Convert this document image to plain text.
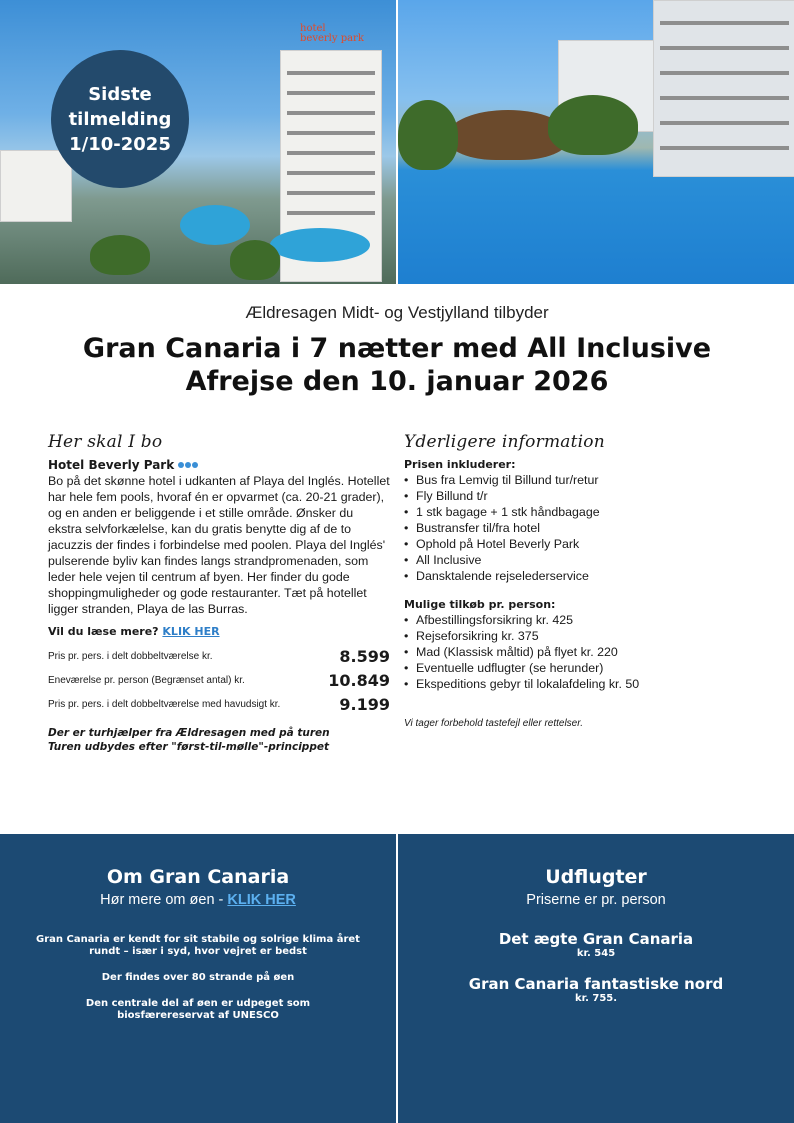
hotel
beverly park
Sidste
tilmelding
1/10-2025
Ældresagen Midt- og Vestjylland tilbyder
Gran Canaria i 7 nætter med All Inclusive
Afrejse den 10. januar 2026
Her skal I bo
Hotel Beverly Park

Bo på det skønne hotel i udkanten af Playa del Inglés. Hotellet har hele fem pools, hvoraf én er opvarmet (ca. 20-21 grader), og en anden er beliggende i et stille område. Ønsker du ekstra selvforkælelse, kan du gratis benytte dig af de to jacuzzis der findes i forbindelse med poolen. Playa del Inglés' pulserende byliv kan findes langs strandpromenaden, som leder hele vejen til centrum af byen. Her finder du gode shoppingmuligheder og gode restauranter. Tæt på hotellet ligger stranden, Playa de las Burras.

Vil du læse mere? KLIK HER
Pris pr. pers. i delt dobbeltværelse kr.	8.599
Eneværelse pr. person (Begrænset antal) kr.	10.849
Pris pr. pers. i delt dobbeltværelse med havudsigt kr.	9.199
Der er turhjælper fra Ældresagen med på turen
Turen udbydes efter "først-til-mølle"-princippet
Yderligere information
Prisen inkluderer:
• Bus fra Lemvig til Billund tur/retur
• Fly Billund t/r
• 1 stk bagage + 1 stk håndbagage
• Bustransfer til/fra hotel
• Ophold på Hotel Beverly Park
• All Inclusive
• Dansktalende rejselederservice
Mulige tilkøb pr. person:
• Afbestillingsforsikring kr. 425
• Rejseforsikring kr. 375
• Mad (Klassisk måltid) på flyet kr. 220
• Eventuelle udflugter (se herunder)
• Ekspeditions gebyr til lokalafdeling kr. 50
Vi tager forbehold tastefejl eller rettelser.
Om Gran Canaria
Hør mere om øen - KLIK HER
Gran Canaria er kendt for sit stabile og solrige klima året rundt – især i syd, hvor vejret er bedst
Der findes over 80 strande på øen
Den centrale del af øen er udpeget som biosfærereservat af UNESCO
Udflugter
Priserne er pr. person
Det ægte Gran Canaria
kr. 545
Gran Canaria fantastiske nord
kr. 755.
